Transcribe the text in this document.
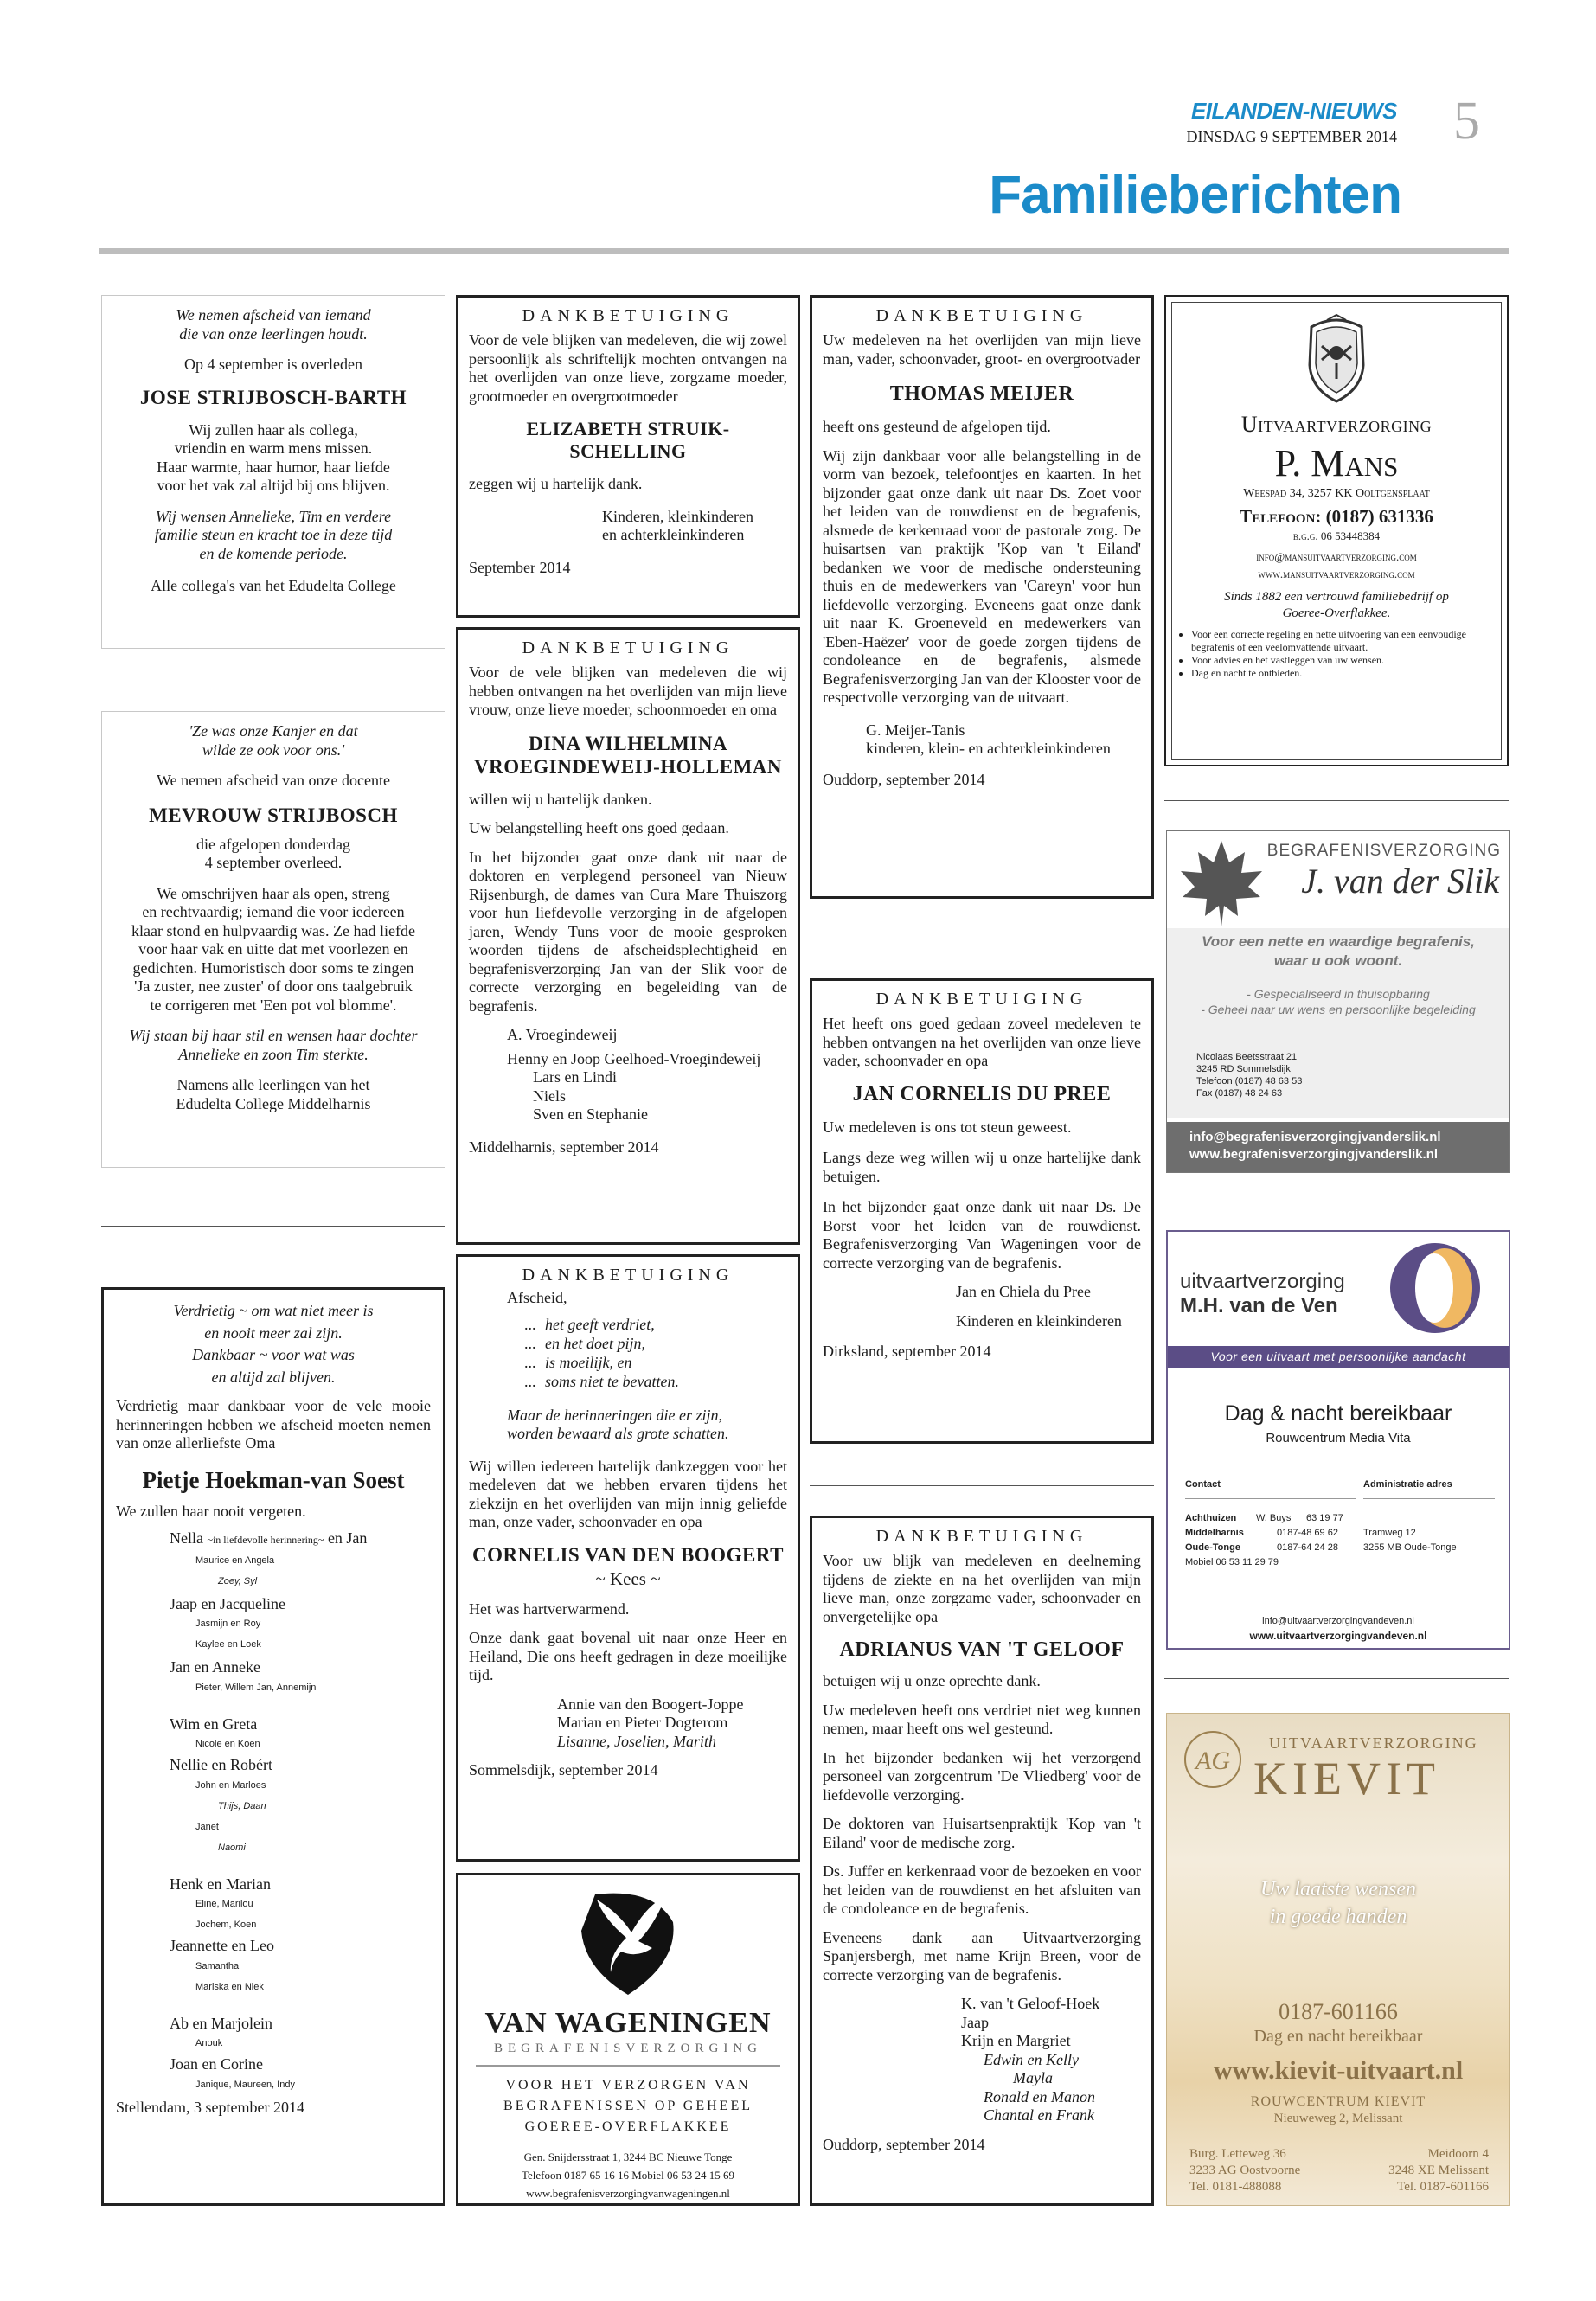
EILANDEN-NIEUWS
DINSDAG 9 SEPTEMBER 2014 5
Familieberichten

We nemen afscheid van iemand

die van onze leerlingen houdt.

Op 4 september is overleden

JOSE STRIJBOSCH-BARTH

Wij zullen haar als collega,

vriendin en warm mens missen.

Haar warmte, haar humor, haar liefde

voor het vak zal altijd bij ons blijven.

Wij wensen Annelieke, Tim en verdere

familie steun en kracht toe in deze tijd

en de komende periode.

Alle collega's van het Edudelta College

'Ze was onze Kanjer en dat

wilde ze ook voor ons.'

We nemen afscheid van onze docente

MEVROUW STRIJBOSCH

die afgelopen donderdag

4 september overleed.

We omschrijven haar als open, streng

en rechtvaardig; iemand die voor iedereen

klaar stond en hulpvaardig was. Ze had liefde

voor haar vak en uitte dat met voorlezen en

gedichten. Humoristisch door soms te zingen

'Ja zuster, nee zuster' of door ons taalgebruik

te corrigeren met 'Een pot vol blomme'.

Wij staan bij haar stil en wensen haar dochter

Annelieke en zoon Tim sterkte.

Namens alle leerlingen van het

Edudelta College Middelharnis

Verdrietig ~ om wat niet meer is

en nooit meer zal zijn.

Dankbaar ~ voor wat was

en altijd zal blijven.

Verdrietig maar dankbaar voor de vele mooie herinneringen hebben we afscheid moeten nemen van onze allerliefste Oma

Pietje Hoekman-van Soest

We zullen haar nooit vergeten.

Nella ~in liefdevolle herinnering~ en Jan

Maurice en Angela

Zoey, Syl

Jaap en Jacqueline

Jasmijn en Roy

Kaylee en Loek

Jan en Anneke

Pieter, Willem Jan, Annemijn

Wim en Greta

Nicole en Koen

Nellie en Robért

John en Marloes

Thijs, Daan

Janet

Naomi

Henk en Marian

Eline, Marilou

Jochem, Koen

Jeannette en Leo

Samantha

Mariska en Niek

Ab en Marjolein

Anouk

Joan en Corine

Janique, Maureen, Indy

Stellendam, 3 september 2014

DANKBETUIGING

Voor de vele blijken van medeleven, die wij zowel persoonlijk als schriftelijk mochten ontvangen na het overlijden van onze lieve, zorgzame moeder, grootmoeder en overgrootmoeder

ELIZABETH STRUIK-SCHELLING

zeggen wij u hartelijk dank.

Kinderen, kleinkinderen

en achterkleinkinderen

September 2014

DANKBETUIGING

Voor de vele blijken van medeleven die wij hebben ontvangen na het overlijden van mijn lieve vrouw, onze lieve moeder, schoonmoeder en oma

DINA WILHELMINA

VROEGINDEWEIJ-HOLLEMAN

willen wij u hartelijk danken.

Uw belangstelling heeft ons goed gedaan.

In het bijzonder gaat onze dank uit naar de doktoren en verplegend personeel van Nieuw Rijsenburgh, de dames van Cura Mare Thuiszorg voor hun liefdevolle verzorging in de afgelopen jaren, Wendy Tuns voor de mooie gesproken woorden tijdens de afscheidsplechtigheid en begrafenisverzorging Jan van der Slik voor de correcte verzorging en begeleiding van de begrafenis.

A. Vroegindeweij

Henny en Joop Geelhoed-Vroegindeweij

Lars en Lindi

Niels

Sven en Stephanie

Middelharnis, september 2014

DANKBETUIGING

Afscheid,

... het geeft verdriet,

... en het doet pijn,

... is moeilijk, en

... soms niet te bevatten.

Maar de herinneringen die er zijn,

worden bewaard als grote schatten.

Wij willen iedereen hartelijk dankzeggen voor het medeleven dat we hebben ervaren tijdens het ziekzijn en het overlijden van mijn innig geliefde man, onze vader, schoonvader en opa

CORNELIS VAN DEN BOOGERT

~ Kees ~

Het was hartverwarmend.

Onze dank gaat bovenal uit naar onze Heer en Heiland, Die ons heeft gedragen in deze moeilijke tijd.

Annie van den Boogert-Joppe

Marian en Pieter Dogterom

Lisanne, Joselien, Marith

Sommelsdijk, september 2014

VAN WAGENINGEN

BEGRAFENISVERZORGING

VOOR HET VERZORGEN VAN

BEGRAFENISSEN OP GEHEEL

GOEREE-OVERFLAKKEE

Gen. Snijdersstraat 1, 3244 BC Nieuwe Tonge

Telefoon 0187 65 16 16 Mobiel 06 53 24 15 69

www.begrafenisverzorgingvanwageningen.nl

DANKBETUIGING

Uw medeleven na het overlijden van mijn lieve man, vader, schoonvader, groot- en overgrootvader

THOMAS MEIJER

heeft ons gesteund de afgelopen tijd.

Wij zijn dankbaar voor alle belangstelling in de vorm van bezoek, telefoontjes en kaarten. In het bijzonder gaat onze dank uit naar Ds. Zoet voor het leiden van de rouwdienst en de begrafenis, alsmede de kerkenraad voor de pastorale zorg. De huisartsen van praktijk 'Kop van 't Eiland' bedanken we voor de medische ondersteuning thuis en de medewerkers van 'Careyn' voor hun liefdevolle verzorging. Eveneens gaat onze dank uit naar K. Groeneveld en medewerkers van 'Eben-Haëzer' voor de goede zorgen tijdens de condoleance en de begrafenis, alsmede Begrafenisverzorging Jan van der Klooster voor de respectvolle verzorging van de uitvaart.

G. Meijer-Tanis

kinderen, klein- en achterkleinkinderen

Ouddorp, september 2014

DANKBETUIGING

Het heeft ons goed gedaan zoveel medeleven te hebben ontvangen na het overlijden van onze lieve vader, schoonvader en opa

JAN CORNELIS DU PREE

Uw medeleven is ons tot steun geweest.

Langs deze weg willen wij u onze hartelijke dank betuigen.

In het bijzonder gaat onze dank uit naar Ds. De Borst voor het leiden van de rouwdienst. Begrafenisverzorging Van Wageningen voor de correcte verzorging van de begrafenis.

Jan en Chiela du Pree

Kinderen en kleinkinderen

Dirksland, september 2014

DANKBETUIGING

Voor uw blijk van medeleven en deelneming tijdens de ziekte en na het overlijden van mijn lieve man, onze zorgzame vader, schoonvader en onvergetelijke opa

ADRIANUS VAN 'T GELOOF

betuigen wij u onze oprechte dank.

Uw medeleven heeft ons verdriet niet weg kunnen nemen, maar heeft ons wel gesteund.

In het bijzonder bedanken wij het verzorgend personeel van zorgcentrum 'De Vliedberg' voor de liefdevolle verzorging.

De doktoren van Huisartsenpraktijk 'Kop van 't Eiland' voor de medische zorg.

Ds. Juffer en kerkenraad voor de bezoeken en voor het leiden van de rouwdienst en het afsluiten van de condoleance en de begrafenis.

Eveneens dank aan Uitvaartverzorging Spanjersbergh, met name Krijn Breen, voor de correcte verzorging van de begrafenis.

K. van 't Geloof-Hoek

Jaap

Krijn en Margriet

Edwin en Kelly

Mayla

Ronald en Manon

Chantal en Frank

Ouddorp, september 2014

Uitvaartverzorging

P. Mans

Weespad 34, 3257 KK Ooltgensplaat

Telefoon: (0187) 631336

b.g.g. 06 53448384

info@mansuitvaartverzorging.com

www.mansuitvaartverzorging.com

Sinds 1882 een vertrouwd familiebedrijf op

Goeree-Overflakkee.

• Voor een correcte regeling en nette uitvoering van een eenvoudige begrafenis of een veelomvattende uitvaart.
• Voor advies en het vastleggen van uw wensen.
• Dag en nacht te ontbieden.

BEGRAFENISVERZORGING

J. van der Slik

Voor een nette en waardige begrafenis,

waar u ook woont.

- Gespecialiseerd in thuisopbaring

- Geheel naar uw wens en persoonlijke begeleiding

Nicolaas Beetsstraat 21
3245 RD Sommelsdijk
Telefoon (0187) 48 63 53
Fax (0187) 48 24 63
info@begrafenisverzorgingjvanderslik.nl
www.begrafenisverzorgingjvanderslik.nl

uitvaartverzorging

M.H. van de Ven

Voor een uitvaart met persoonlijke aandacht

Dag & nacht bereikbaar

Rouwcentrum Media Vita

Contact
Achthuizen W. Buys 63 19 77
Middelharnis	0187-48 69 62
Oude-Tonge	0187-64 24 28
Mobiel 06 53 11 29 79
Administratie adres
Tramweg 12
3255 MB Oude-Tonge

info@uitvaartverzorgingvandeven.nl

www.uitvaartverzorgingvandeven.nl

AG

UITVAARTVERZORGING

KIEVIT

Uw laatste wensen

in goede handen

0187-601166

Dag en nacht bereikbaar

www.kievit-uitvaart.nl

ROUWCENTRUM KIEVIT

Nieuweweg 2, Melissant

Burg. Letteweg 36
3233 AG Oostvoorne
Tel. 0181-488088
Meidoorn 4
3248 XE Melissant
Tel. 0187-601166
